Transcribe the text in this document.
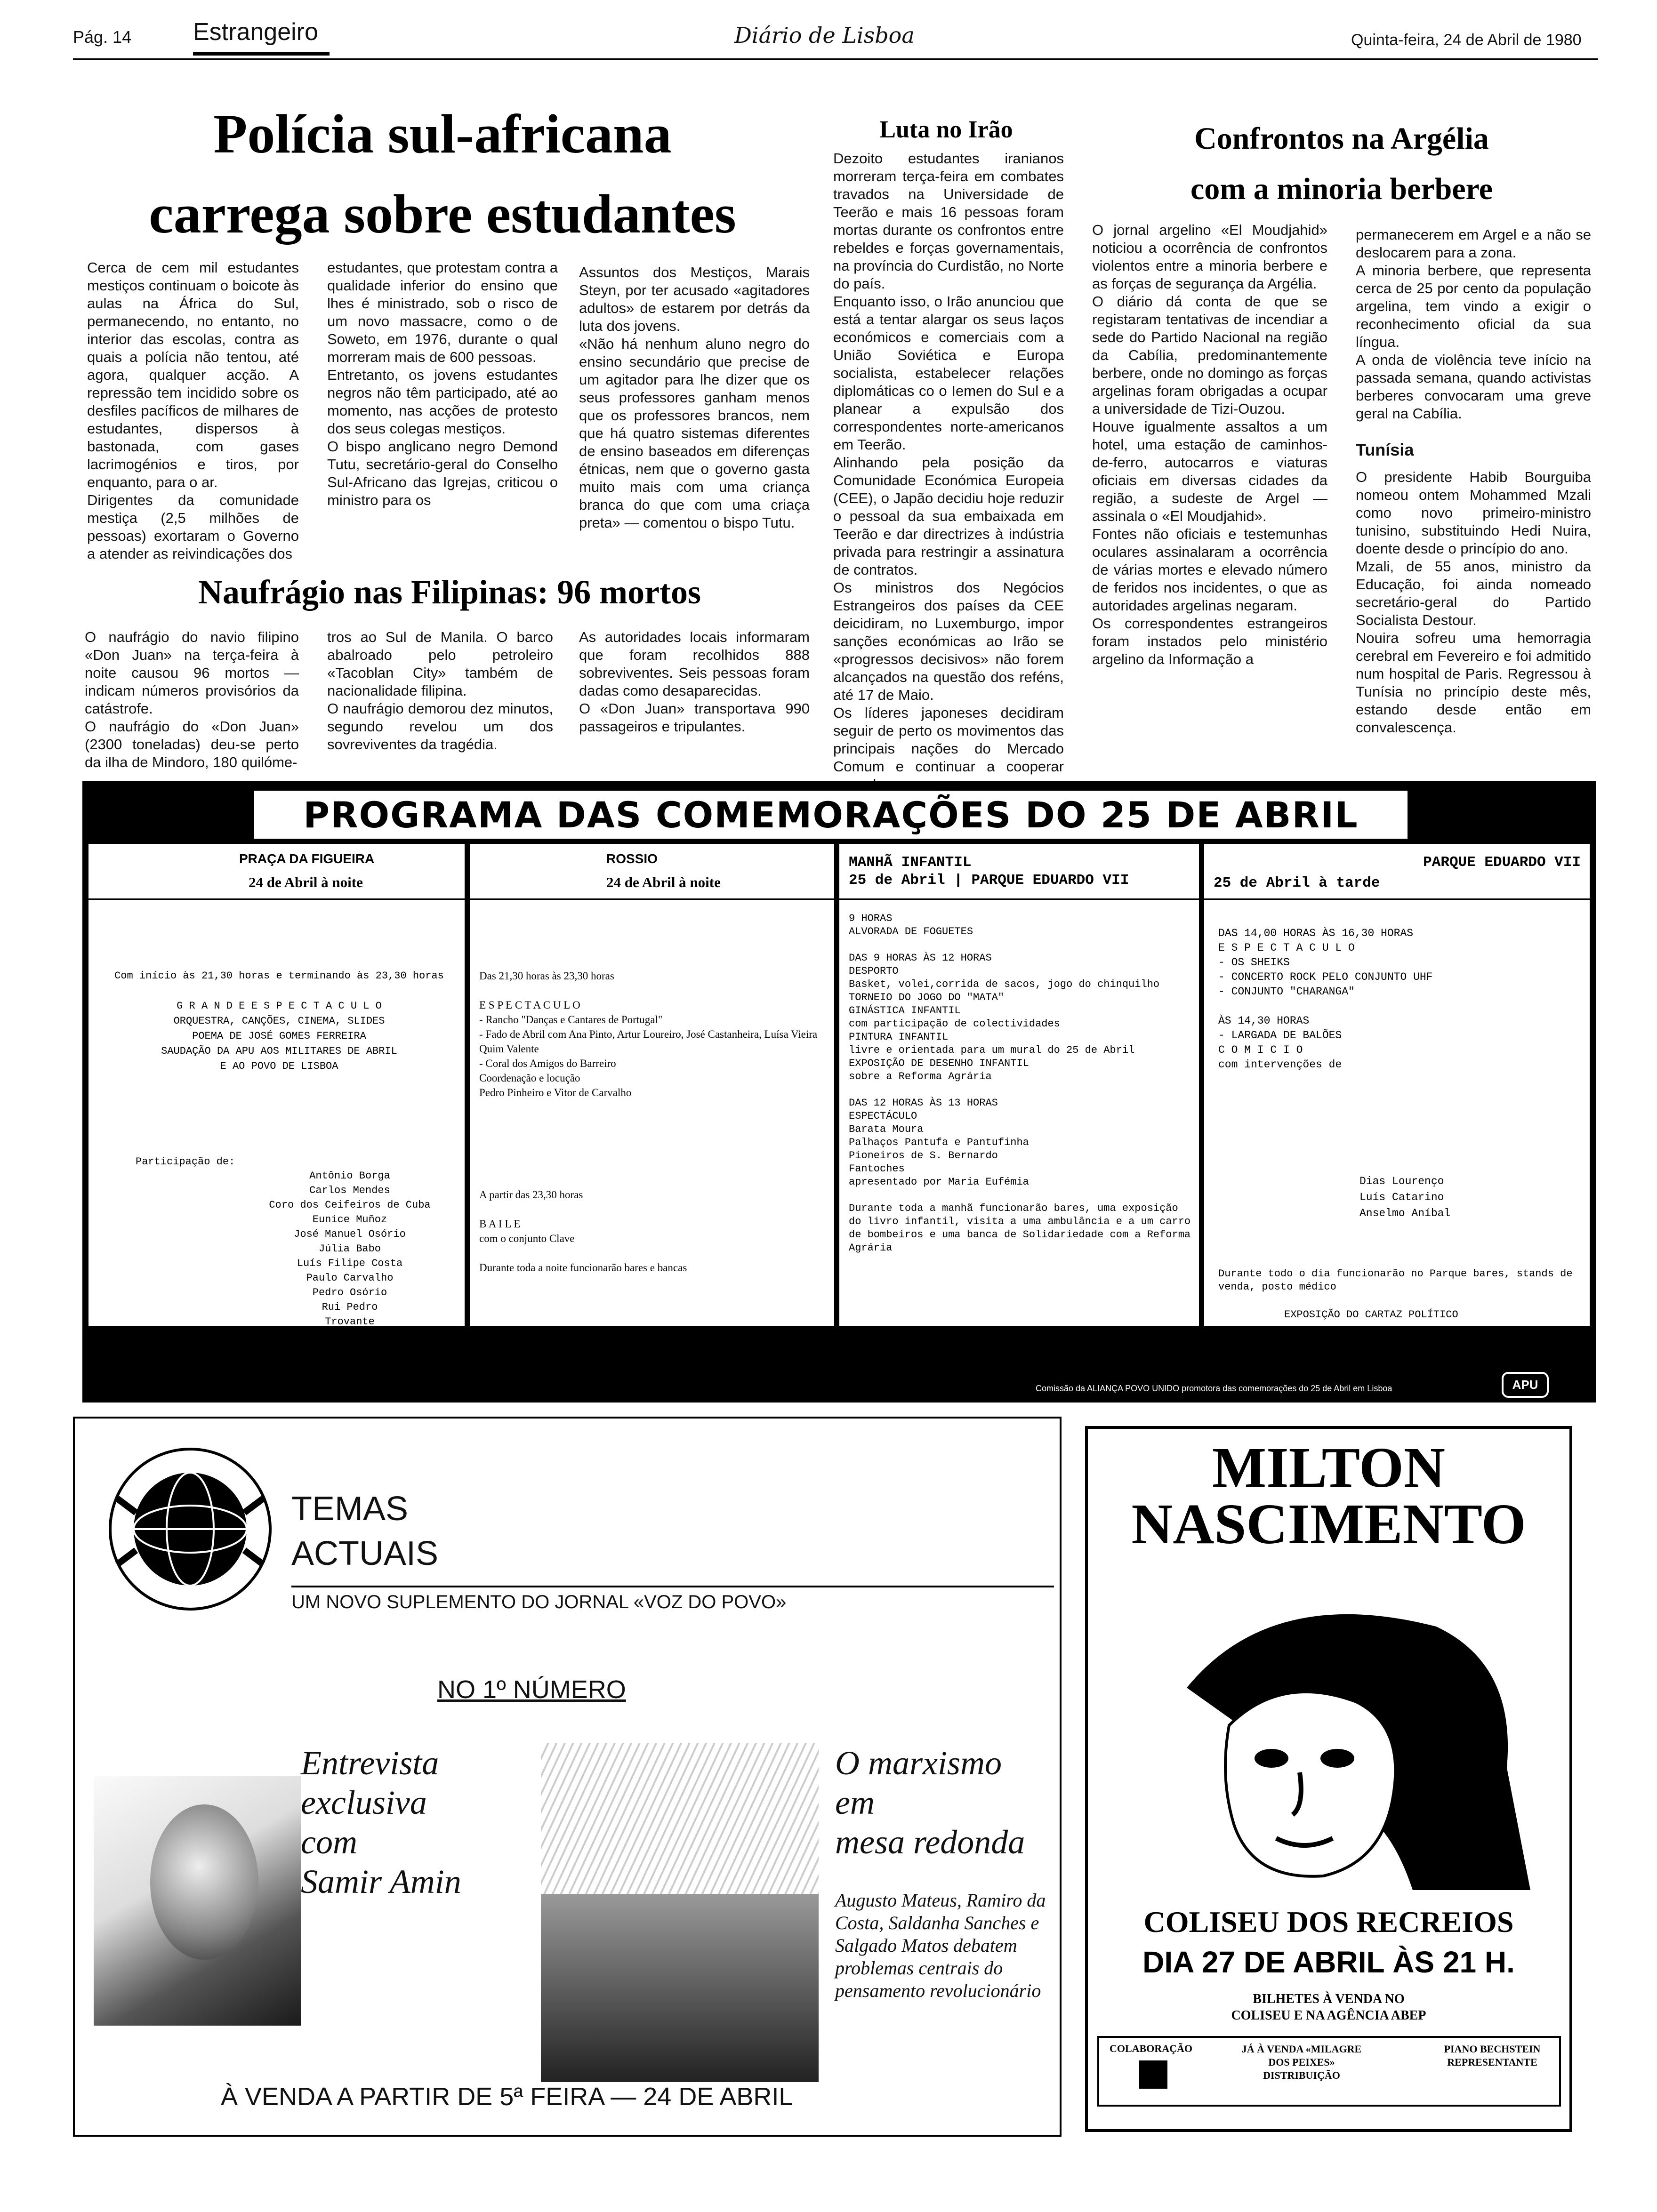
Pág. 14	Estrangeiro	Diário de Lisboa	Quinta-feira, 24 de Abril de 1980
Polícia sul-africana
carrega sobre estudantes
Cerca de cem mil estudantes mestiços continuam o boicote às aulas na África do Sul, permanecendo, no entanto, no interior das escolas, contra as quais a polícia não tentou, até agora, qualquer acção. A repressão tem incidido sobre os desfiles pacíficos de milhares de estudantes, dispersos à bastonada, com gases lacrimogénios e tiros, por enquanto, para o ar.
Dirigentes da comunidade mestiça (2,5 milhões de pessoas) exortaram o Governo a atender as reivindicações dos
estudantes, que protestam contra a qualidade inferior do ensino que lhes é ministrado, sob o risco de um novo massacre, como o de Soweto, em 1976, durante o qual morreram mais de 600 pessoas.
Entretanto, os jovens estudantes negros não têm participado, até ao momento, nas acções de protesto dos seus colegas mestiços.
O bispo anglicano negro Demond Tutu, secretário-geral do Conselho Sul-Africano das Igrejas, criticou o ministro para os
Assuntos dos Mestiços, Marais Steyn, por ter acusado «agitadores adultos» de estarem por detrás da luta dos jovens.
«Não há nenhum aluno negro do ensino secundário que precise de um agitador para lhe dizer que os seus professores ganham menos que os professores brancos, nem que há quatro sistemas diferentes de ensino baseados em diferenças étnicas, nem que o governo gasta muito mais com uma criança branca do que com uma criaça preta» — comentou o bispo Tutu.
Naufrágio nas Filipinas: 96 mortos
O naufrágio do navio filipino «Don Juan» na terça-feira à noite causou 96 mortos — indicam números provisórios da catástrofe.
O naufrágio do «Don Juan» (2300 toneladas) deu-se perto da ilha de Mindoro, 180 quilóme-
tros ao Sul de Manila. O barco abalroado pelo petroleiro «Tacoblan City» também de nacionalidade filipina.
O naufrágio demorou dez minutos, segundo revelou um dos sovreviventes da tragédia.
As autoridades locais informaram que foram recolhidos 888 sobreviventes. Seis pessoas foram dadas como desaparecidas.
O «Don Juan» transportava 990 passageiros e tripulantes.
Luta no Irão
Dezoito estudantes iranianos morreram terça-feira em combates travados na Universidade de Teerão e mais 16 pessoas foram mortas durante os confrontos entre rebeldes e forças governamentais, na província do Curdistão, no Norte do país.
Enquanto isso, o Irão anunciou que está a tentar alargar os seus laços económicos e comerciais com a União Soviética e Europa socialista, estabelecer relações diplomáticas co o Iemen do Sul e a planear a expulsão dos correspondentes norte-americanos em Teerão.
Alinhando pela posição da Comunidade Económica Europeia (CEE), o Japão decidiu hoje reduzir o pessoal da sua embaixada em Teerão e dar directrizes à indústria privada para restringir a assinatura de contratos.
Os ministros dos Negócios Estrangeiros dos países da CEE deicidiram, no Luxemburgo, impor sanções económicas ao Irão se «progressos decisivos» não forem alcançados na questão dos reféns, até 17 de Maio.
Os líderes japoneses decidiram seguir de perto os movimentos das principais nações do Mercado Comum e continuar a cooperar
Confrontos na Argélia
com a minoria berbere
O jornal argelino «El Moudjahid» noticiou a ocorrência de confrontos violentos entre a minoria berbere e as forças de segurança da Argélia.
O diário dá conta de que se registaram tentativas de incendiar a sede do Partido Nacional na região da Cabília, predominantemente berbere, onde no domingo as forças argelinas foram obrigadas a ocupar a universidade de Tizi-Ouzou.
Houve igualmente assaltos a um hotel, uma estação de caminhos-de-ferro, autocarros e viaturas oficiais em diversas cidades da região, a sudeste de Argel — assinala o «El Moudjahid».
Fontes não oficiais e testemunhas oculares assinalaram a ocorrência de várias mortes e elevado número de feridos nos incidentes, o que as autoridades argelinas negaram.
Os correspondentes estrangeiros foram instados pelo ministério argelino da Informação a
permanecerem em Argel e a não se deslocarem para a zona.
A minoria berbere, que representa cerca de 25 por cento da população argelina, tem vindo a exigir o reconhecimento oficial da sua língua.
A onda de violência teve início na passada semana, quando activistas berberes convocaram uma greve geral na Cabília.
Tunísia
O presidente Habib Bourguiba nomeou ontem Mohammed Mzali como novo primeiro-ministro tunisino, substituindo Hedi Nuira, doente desde o princípio do ano.
Mzali, de 55 anos, ministro da Educação, foi ainda nomeado secretário-geral do Partido Socialista Destour.
Nouira sofreu uma hemorragia cerebral em Fevereiro e foi admitido num hospital de Paris. Regressou à Tunísia no princípio deste mês, estando desde então em convalescença.
PROGRAMA DAS COMEMORAÇÕES DO 25 DE ABRIL
PRAÇA DA FIGUEIRA
24 de Abril à noite
Com início às 21,30 horas e terminando às 23,30 horas

G R A N D E E S P E C T A C U L O
ORQUESTRA, CANÇÕES, CINEMA, SLIDES
POEMA DE JOSÉ GOMES FERREIRA
SAUDAÇÃO DA APU AOS MILITARES DE ABRIL
E AO POVO DE LISBOA
Participação de:
Antônio Borga
Carlos Mendes
Coro dos Ceifeiros de Cuba
Eunice Muñoz
José Manuel Osório
Júlia Babo
Luís Filipe Costa
Paulo Carvalho
Pedro Osório
Rui Pedro
Trovante
José Barata Moura
ROSSIO
24 de Abril à noite
Das 21,30 horas às 23,30 horas

E S P E C T A C U L O
- Rancho "Danças e Cantares de Portugal"
- Fado de Abril com Ana Pinto, Artur Loureiro, José Castanheira, Luísa Vieira Quim Valente
- Coral dos Amigos do Barreiro
Coordenação e locução
Pedro Pinheiro e Vitor de Carvalho
A partir das 23,30 horas

B A I L E
com o conjunto Clave

Durante toda a noite funcionarão bares e bancas
MANHÃ INFANTIL
25 de Abril | PARQUE EDUARDO VII
9 HORAS
ALVORADA DE FOGUETES

DAS 9 HORAS ÀS 12 HORAS
DESPORTO
Basket, volei,corrida de sacos, jogo do chinquilho
TORNEIO DO JOGO DO "MATA"
GINÁSTICA INFANTIL
com participação de colectividades
PINTURA INFANTIL
livre e orientada para um mural do 25 de Abril
EXPOSIÇÃO DE DESENHO INFANTIL
sobre a Reforma Agrária

DAS 12 HORAS ÀS 13 HORAS
ESPECTÁCULO
Barata Moura
Palhaços Pantufa e Pantufinha
Pioneiros de S. Bernardo
Fantoches
apresentado por Maria Eufémia

Durante toda a manhã funcionarão bares, uma exposição do livro infantil, visita a uma ambulância e a um carro de bombeiros e uma banca de Solidariedade com a Reforma Agrária
PARQUE EDUARDO VII
25 de Abril à tarde
DAS 14,00 HORAS ÀS 16,30 HORAS
E S P E C T A C U L O
- OS SHEIKS
- CONCERTO ROCK PELO CONJUNTO UHF
- CONJUNTO "CHARANGA"

ÀS 14,30 HORAS
- LARGADA DE BALÕES
C O M I C I O
com intervenções de
Dias Lourenço
Luís Catarino
Anselmo Aníbal
Durante todo o dia funcionarão no Parque bares, stands de venda, posto médico
EXPOSIÇÃO DO CARTAZ POLÍTICO
Comissão da ALIANÇA POVO UNIDO promotora das comemorações do 25 de Abril em Lisboa	APU
TEMAS
ACTUAIS
UM NOVO SUPLEMENTO DO JORNAL «VOZ DO POVO»
NO 1º NÚMERO
Entrevista
exclusiva
com
Samir Amin
O marxismo
em
mesa redonda
Augusto Mateus, Ramiro da Costa, Saldanha Sanches e Salgado Matos debatem problemas centrais do pensamento revolucionário
À VENDA A PARTIR DE 5ª FEIRA — 24 DE ABRIL
MILTON
NASCIMENTO
COLISEU DOS RECREIOS
DIA 27 DE ABRIL ÀS 21 H.
BILHETES À VENDA NO
COLISEU E NA AGÊNCIA ABEP
COLABORAÇÃO	JÁ À VENDA «MILAGRE DOS PEIXES» DISTRIBUIÇÃO
PIANO BECHSTEIN REPRESENTANTE
